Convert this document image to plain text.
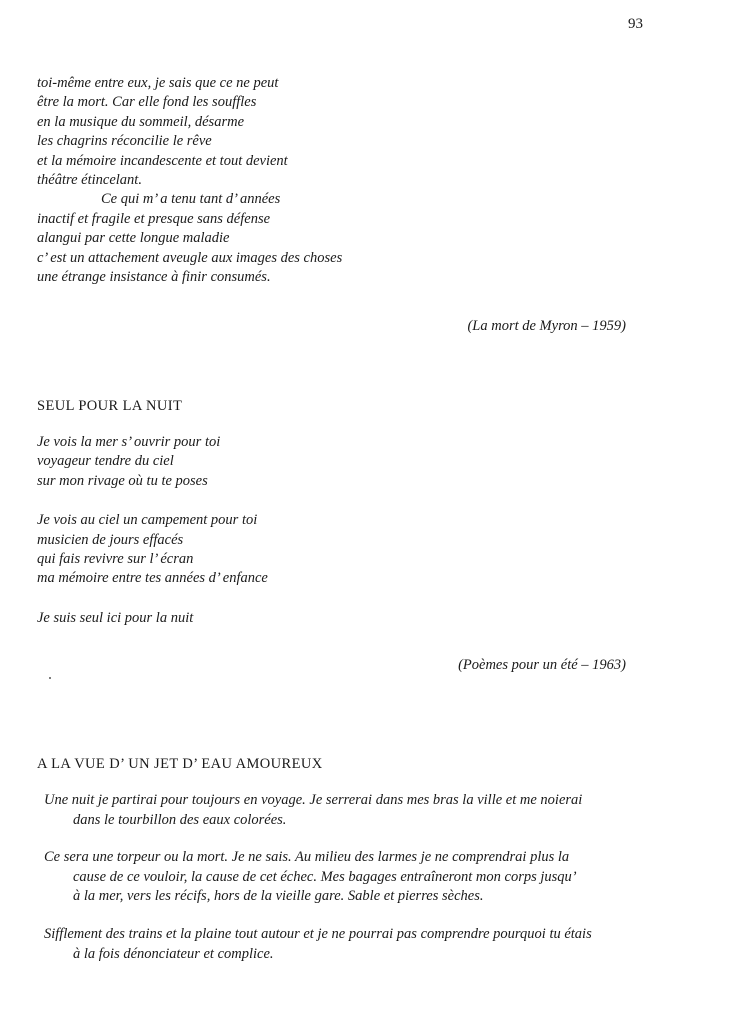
93
toi-même entre eux, je sais que ce ne peut
être la mort. Car elle fond les souffles
en la musique du sommeil, désarme
les chagrins réconcilie le rêve
et la mémoire incandescente et tout devient
théâtre étincelant.
Ce qui m’ a tenu tant d’ années
inactif et fragile et presque sans défense
alangui par cette longue maladie
c’ est un attachement aveugle aux images des choses
une étrange insistance à finir consumés.
(La mort de Myron – 1959)
SEUL POUR LA NUIT
Je vois la mer s’ ouvrir pour toi
voyageur tendre du ciel
sur mon rivage où tu te poses
Je vois au ciel un campement pour toi
musicien de jours effacés
qui fais revivre sur l’ écran
ma mémoire entre tes années d’ enfance
Je suis seul ici pour la nuit
(Poèmes pour un été – 1963)
A LA VUE D’ UN JET D’ EAU AMOUREUX
Une nuit je partirai pour toujours en voyage. Je serrerai dans mes bras la ville et me noierai
dans le tourbillon des eaux colorées.
Ce sera une torpeur ou la mort. Je ne sais. Au milieu des larmes je ne comprendrai plus la
cause de ce vouloir, la cause de cet échec. Mes bagages entraîneront mon corps jusqu’
à la mer, vers les récifs, hors de la vieille gare. Sable et pierres sèches.
Sifflement des trains et la plaine tout autour et je ne pourrai pas comprendre pourquoi tu étais
à la fois dénonciateur et complice.
